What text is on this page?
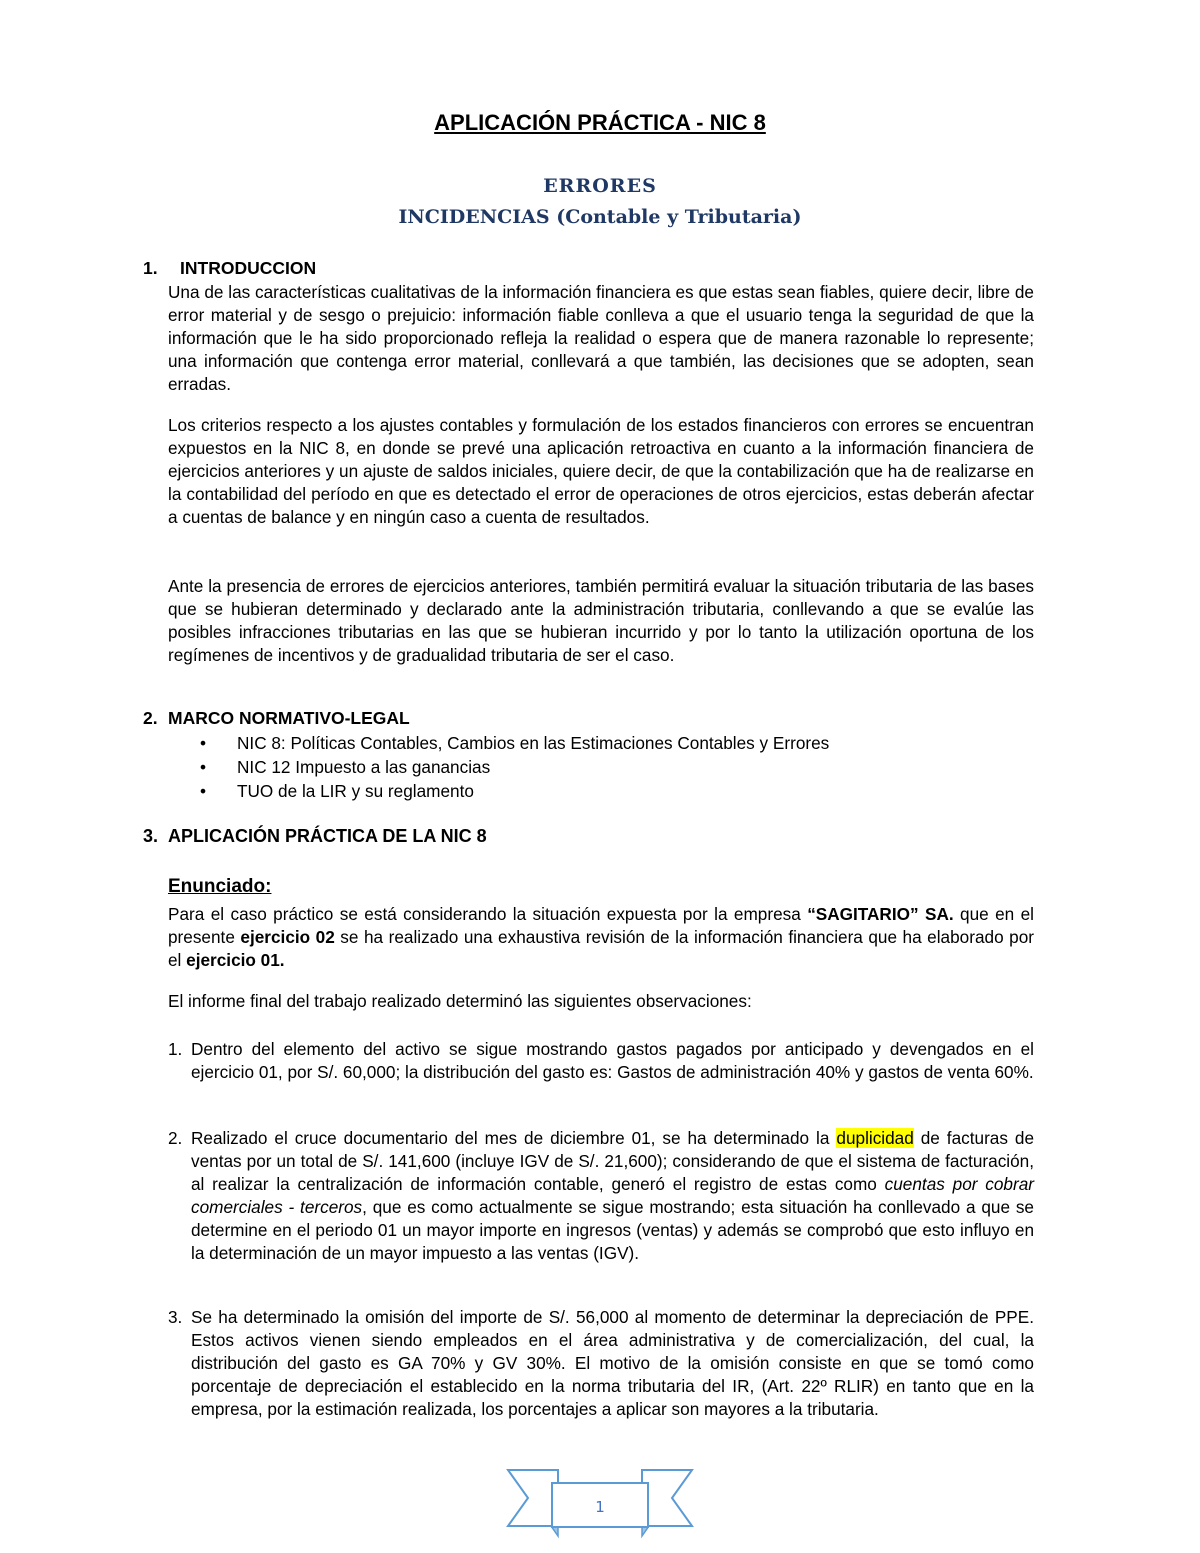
APLICACIÓN PRÁCTICA - NIC 8
ERRORES
INCIDENCIAS (Contable y Tributaria)
1. INTRODUCCION

Una de las características cualitativas de la información financiera es que estas sean fiables, quiere decir, libre de error material y de sesgo o prejuicio: información fiable conlleva a que el usuario tenga la seguridad de que la información que le ha sido proporcionado refleja la realidad o espera que de manera razonable lo represente; una información que contenga error material, conllevará a que también, las decisiones que se adopten, sean erradas.

Los criterios respecto a los ajustes contables y formulación de los estados financieros con errores se encuentran expuestos en la NIC 8, en donde se prevé una aplicación retroactiva en cuanto a la información financiera de ejercicios anteriores y un ajuste de saldos iniciales, quiere decir, de que la contabilización que ha de realizarse en la contabilidad del período en que es detectado el error de operaciones de otros ejercicios, estas deberán afectar a cuentas de balance y en ningún caso a cuenta de resultados.

Ante la presencia de errores de ejercicios anteriores, también permitirá evaluar la situación tributaria de las bases que se hubieran determinado y declarado ante la administración tributaria, conllevando a que se evalúe las posibles infracciones tributarias en las que se hubieran incurrido y por lo tanto la utilización oportuna de los regímenes de incentivos y de gradualidad tributaria de ser el caso.

2. MARCO NORMATIVO-LEGAL
• NIC 8: Políticas Contables, Cambios en las Estimaciones Contables y Errores
• NIC 12 Impuesto a las ganancias
• TUO de la LIR y su reglamento
3. APLICACIÓN PRÁCTICA DE LA NIC 8
Enunciado:

Para el caso práctico se está considerando la situación expuesta por la empresa “SAGITARIO” SA. que en el presente ejercicio 02 se ha realizado una exhaustiva revisión de la información financiera que ha elaborado por el ejercicio 01.

El informe final del trabajo realizado determinó las siguientes observaciones:

1. Dentro del elemento del activo se sigue mostrando gastos pagados por anticipado y devengados en el ejercicio 01, por S/. 60,000; la distribución del gasto es: Gastos de administración 40% y gastos de venta 60%.

2. Realizado el cruce documentario del mes de diciembre 01, se ha determinado la duplicidad de facturas de ventas por un total de S/. 141,600 (incluye IGV de S/. 21,600); considerando de que el sistema de facturación, al realizar la centralización de información contable, generó el registro de estas como cuentas por cobrar comerciales - terceros, que es como actualmente se sigue mostrando; esta situación ha conllevado a que se determine en el periodo 01 un mayor importe en ingresos (ventas) y además se comprobó que esto influyo en la determinación de un mayor impuesto a las ventas (IGV).

3. Se ha determinado la omisión del importe de S/. 56,000 al momento de determinar la depreciación de PPE. Estos activos vienen siendo empleados en el área administrativa y de comercialización, del cual, la distribución del gasto es GA 70% y GV 30%. El motivo de la omisión consiste en que se tomó como porcentaje de depreciación el establecido en la norma tributaria del IR, (Art. 22º RLIR) en tanto que en la empresa, por la estimación realizada, los porcentajes a aplicar son mayores a la tributaria.

1
